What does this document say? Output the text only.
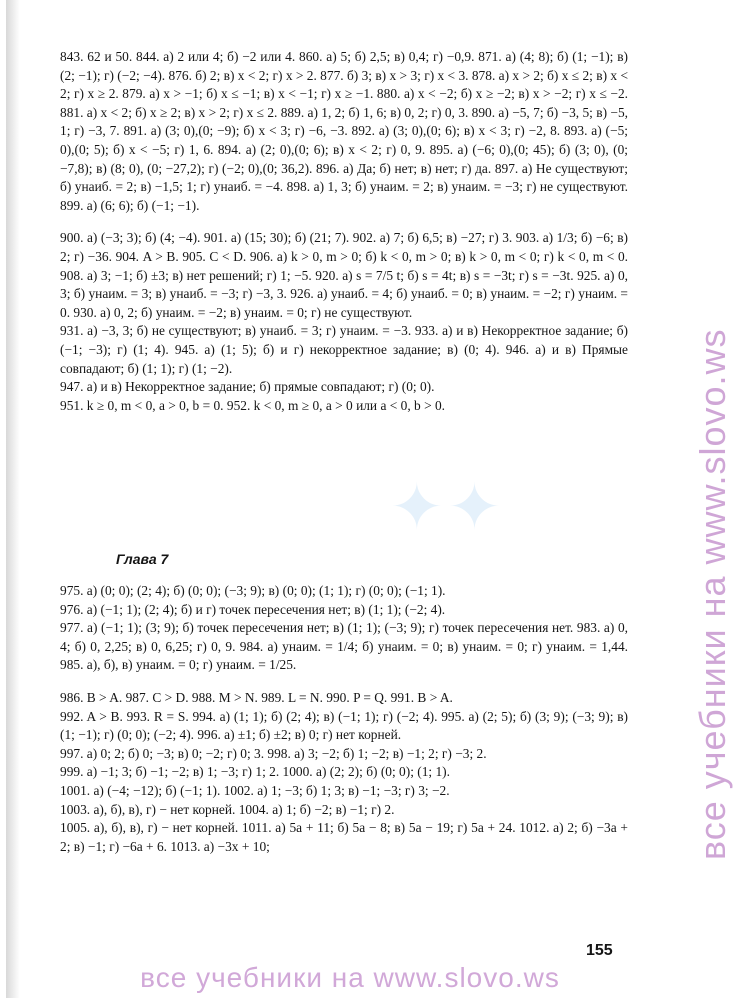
✦✦

843. 62 и 50. 844. а) 2 или 4; б) −2 или 4. 860. а) 5; б) 2,5; в) 0,4; г) −0,9. 871. а) (4; 8); б) (1; −1); в) (2; −1); г) (−2; −4). 876. б) 2; в) x < 2; г) x > 2. 877. б) 3; в) x > 3; г) x < 3. 878. а) x > 2; б) x ≤ 2; в) x < 2; г) x ≥ 2. 879. а) x > −1; б) x ≤ −1; в) x < −1; г) x ≥ −1. 880. а) x < −2; б) x ≥ −2; в) x > −2; г) x ≤ −2. 881. а) x < 2; б) x ≥ 2; в) x > 2; г) x ≤ 2. 889. а) 1, 2; б) 1, 6; в) 0, 2; г) 0, 3. 890. а) −5, 7; б) −3, 5; в) −5, 1; г) −3, 7. 891. а) (3; 0),(0; −9); б) x < 3; г) −6, −3. 892. а) (3; 0),(0; 6); в) x < 3; г) −2, 8. 893. а) (−5; 0),(0; 5); б) x < −5; г) 1, 6. 894. а) (2; 0),(0; 6); в) x < 2; г) 0, 9. 895. а) (−6; 0),(0; 45); б) (3; 0), (0; −7,8); в) (8; 0), (0; −27,2); г) (−2; 0),(0; 36,2). 896. а) Да; б) нет; в) нет; г) да. 897. а) Не существуют; б) yнаиб. = 2; в) −1,5; 1; г) yнаиб. = −4. 898. а) 1, 3; б) yнаим. = 2; в) yнаим. = −3; г) не существуют. 899. а) (6; 6); б) (−1; −1).

900. а) (−3; 3); б) (4; −4). 901. а) (15; 30); б) (21; 7). 902. а) 7; б) 6,5; в) −27; г) 3. 903. а) 1/3; б) −6; в) 2; г) −36. 904. A > B. 905. C < D. 906. а) k > 0, m > 0; б) k < 0, m > 0; в) k > 0, m < 0; г) k < 0, m < 0. 908. а) 3; −1; б) ±3; в) нет решений; г) 1; −5. 920. а) s = 7/5 t; б) s = 4t; в) s = −3t; г) s = −3t. 925. а) 0, 3; б) yнаим. = 3; в) yнаиб. = −3; г) −3, 3. 926. а) yнаиб. = 4; б) yнаиб. = 0; в) yнаим. = −2; г) yнаим. = 0. 930. а) 0, 2; б) yнаим. = −2; в) yнаим. = 0; г) не существуют.

931. а) −3, 3; б) не существуют; в) yнаиб. = 3; г) yнаим. = −3. 933. а) и в) Некорректное задание; б) (−1; −3); г) (1; 4). 945. а) (1; 5); б) и г) некорректное задание; в) (0; 4). 946. а) и в) Прямые совпадают; б) (1; 1); г) (1; −2).

947. а) и в) Некорректное задание; б) прямые совпадают; г) (0; 0).

951. k ≥ 0, m < 0, a > 0, b = 0. 952. k < 0, m ≥ 0, a > 0 или a < 0, b > 0.

Глава 7

975. а) (0; 0); (2; 4); б) (0; 0); (−3; 9); в) (0; 0); (1; 1); г) (0; 0); (−1; 1).

976. а) (−1; 1); (2; 4); б) и г) точек пересечения нет; в) (1; 1); (−2; 4).

977. а) (−1; 1); (3; 9); б) точек пересечения нет; в) (1; 1); (−3; 9); г) точек пересечения нет. 983. а) 0, 4; б) 0, 2,25; в) 0, 6,25; г) 0, 9. 984. а) yнаим. = 1/4; б) yнаим. = 0; в) yнаим. = 0; г) yнаим. = 1,44. 985. а), б), в) yнаим. = 0; г) yнаим. = 1/25.

986. B > A. 987. C > D. 988. M > N. 989. L = N. 990. P = Q. 991. B > A.

992. A > B. 993. R = S. 994. а) (1; 1); б) (2; 4); в) (−1; 1); г) (−2; 4). 995. а) (2; 5); б) (3; 9); (−3; 9); в) (1; −1); г) (0; 0); (−2; 4). 996. а) ±1; б) ±2; в) 0; г) нет корней.

997. а) 0; 2; б) 0; −3; в) 0; −2; г) 0; 3. 998. а) 3; −2; б) 1; −2; в) −1; 2; г) −3; 2.

999. а) −1; 3; б) −1; −2; в) 1; −3; г) 1; 2. 1000. а) (2; 2); б) (0; 0); (1; 1).

1001. а) (−4; −12); б) (−1; 1). 1002. а) 1; −3; б) 1; 3; в) −1; −3; г) 3; −2.

1003. а), б), в), г) − нет корней. 1004. а) 1; б) −2; в) −1; г) 2.

1005. а), б), в), г) − нет корней. 1011. а) 5a + 11; б) 5a − 8; в) 5a − 19; г) 5a + 24. 1012. а) 2; б) −3a + 2; в) −1; г) −6a + 6. 1013. а) −3x + 10;

155
все учебники на www.slovo.ws
все учебники на www.slovo.ws
